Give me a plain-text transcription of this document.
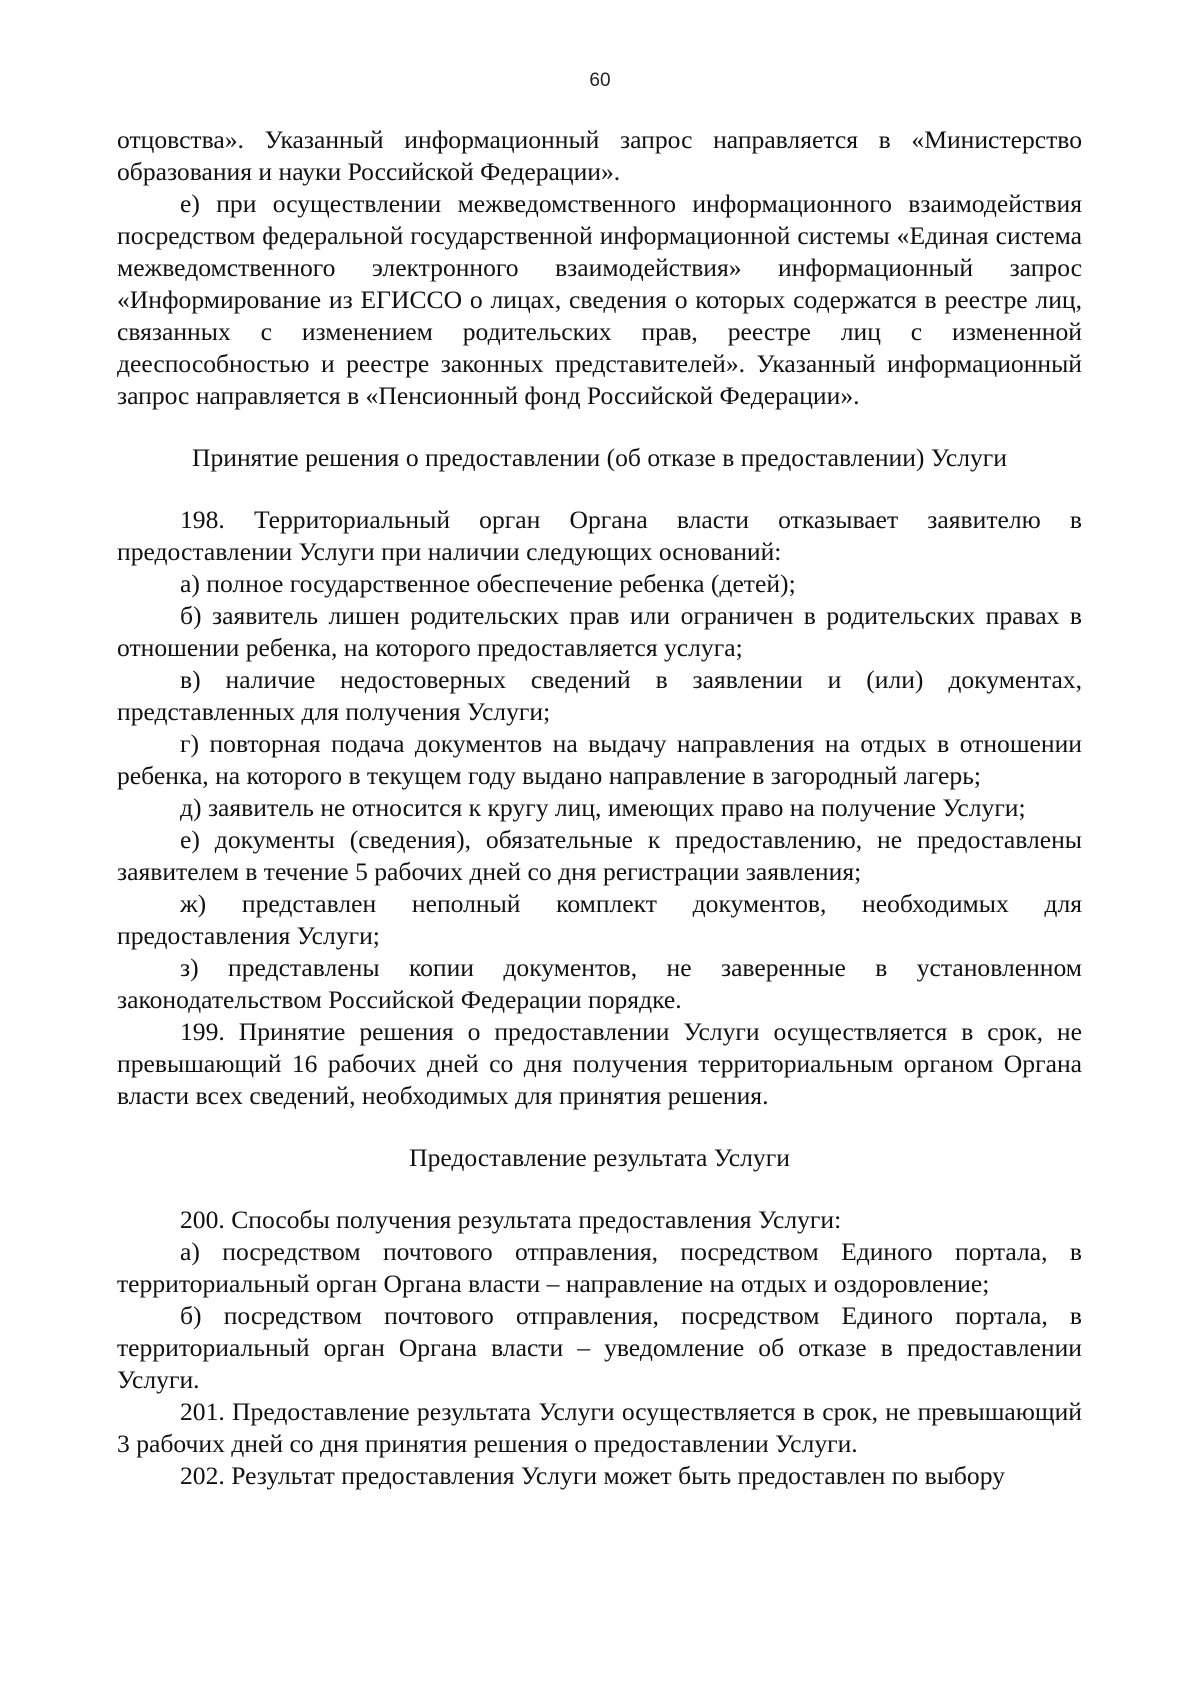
60

отцовства». Указанный информационный запрос направляется в «Министерство образования и науки Российской Федерации».

е) при осуществлении межведомственного информационного взаимодействия посредством федеральной государственной информационной системы «Единая система межведомственного электронного взаимодействия» информационный запрос «Информирование из ЕГИССО о лицах, сведения о которых содержатся в реестре лиц, связанных с изменением родительских прав, реестре лиц с измененной дееспособностью и реестре законных представителей». Указанный информационный запрос направляется в «Пенсионный фонд Российской Федерации».

Принятие решения о предоставлении (об отказе в предоставлении) Услуги

198. Территориальный орган Органа власти отказывает заявителю в предоставлении Услуги при наличии следующих оснований:

а) полное государственное обеспечение ребенка (детей);

б) заявитель лишен родительских прав или ограничен в родительских правах в отношении ребенка, на которого предоставляется услуга;

в) наличие недостоверных сведений в заявлении и (или) документах, представленных для получения Услуги;

г) повторная подача документов на выдачу направления на отдых в отношении ребенка, на которого в текущем году выдано направление в загородный лагерь;

д) заявитель не относится к кругу лиц, имеющих право на получение Услуги;

е) документы (сведения), обязательные к предоставлению, не предоставлены заявителем в течение 5 рабочих дней со дня регистрации заявления;

ж) представлен неполный комплект документов, необходимых для предоставления Услуги;

з) представлены копии документов, не заверенные в установленном законодательством Российской Федерации порядке.

199. Принятие решения о предоставлении Услуги осуществляется в срок, не превышающий 16 рабочих дней со дня получения территориальным органом Органа власти всех сведений, необходимых для принятия решения.

Предоставление результата Услуги

200. Способы получения результата предоставления Услуги:

а) посредством почтового отправления, посредством Единого портала, в территориальный орган Органа власти – направление на отдых и оздоровление;

б) посредством почтового отправления, посредством Единого портала, в территориальный орган Органа власти – уведомление об отказе в предоставлении Услуги.

201. Предоставление результата Услуги осуществляется в срок, не превышающий 3 рабочих дней со дня принятия решения о предоставлении Услуги.

202. Результат предоставления Услуги может быть предоставлен по выбору
